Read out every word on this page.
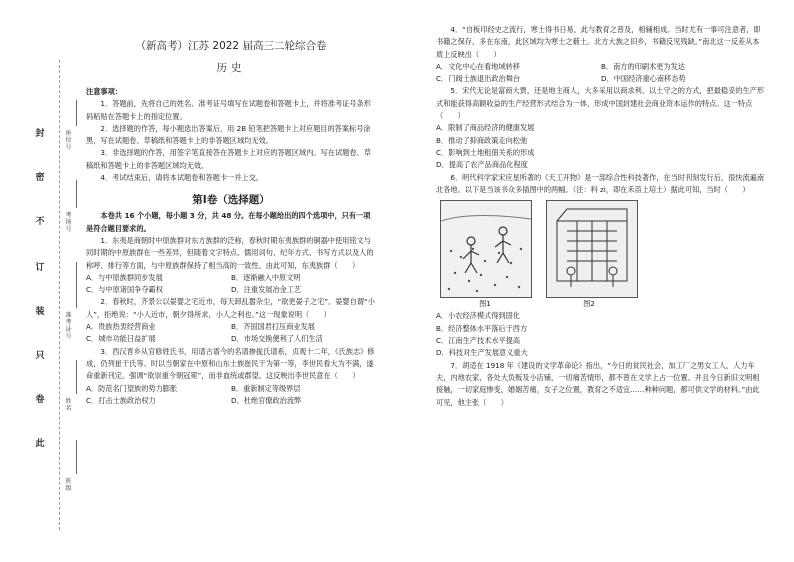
封
密
不
订
装
只
卷
此
座位号
考场号
准考证号
姓名
班级
（新高考）江苏 2022 届高三二轮综合卷
历史

注意事项：

1．答题前，先将自己的姓名、准考证号填写在试题卷和答题卡上，并将准考证号条形码粘贴在答题卡上的指定位置。

2．选择题的作答，每小题选出答案后，用 2B 铅笔把答题卡上对应题目的答案标号涂黑，写在试题卷、草稿纸和答题卡上的非答题区域均无效。

3．非选择题的作答，用签字笔直接答在答题卡上对应的答题区域内。写在试题卷、草稿纸和答题卡上的非答题区域均无效。

4．考试结束后，请将本试题卷和答题卡一并上交。

第Ⅰ卷（选择题）

本卷共 16 个小题，每小题 3 分，共 48 分。在每小题给出的四个选项中，只有一项是符合题目要求的。

1．东夷是商朝时中原族群对东方族群的泛称，春秋时期东夷族群的铜器中使用铭文与同时期的中原族群在一些差异，但随着文字特点、儒用词句、纪年方式、书写方式以及人的称呼、排行等方面，与中原族群保持了相当高的一致性。由此可知，东夷族群（　　）

A．与中原族群同步发展	B．逐渐融入中原文明
C．与中原诸国争夺霸权	D．注重发展冶金工艺

2．春秋时，齐景公以晏婴之宅近市，每天卸乱嚣杂尘，“欲更晏子之宅”。晏婴自谓“小人”，拒绝说：“小人近市，朝夕得所求，小人之利也。”这一现象说明（　　）

A．贵族热衷经营商业	B．齐国国君打压商业发展
C．城市功能日益扩展	D．市场交换便利了人们生活

3．西汉晋乡从官修姓氏书，用谱古谱今的名谱掺拢氏谱系，贞观十二年，《氏族志》修成，仍列崔干氏等。时以当朝家在中原和山东士族崔民干为第一等，李世民看大为不满，遂命重新刊定。强调“欲崇重今朝冠冕”，而非血统或郡望。这反映出李世民意在（　　）

A．防范名门望族的势力膨胀	B．重新制定等级界层
C．打击士族政治权力	D．杜绝官僚政治流弊

4．“自板印经史之流行，寒士得书日易，此与教育之普及，相辅相成。当时尤有一事可注意者，即书籍之保存，多在东南，此区域均为寒士之薮土。北方大族之旧乡，书籍反见残缺。”南北这一反差从本质上反映出（　　）

A．文化中心在看地域转移	B．南方的印刷术更为发达
C．门阀士族退出政治舞台	D．中国经济重心南移态势

5．宋代无论是富商大贾，还是地主商人，大多采用以商求利、以土守之的方式，把最稳妥的生产形式和能获得高额收益的生产经营形式结合为一体，形成中国封建社会商业资本运作的特点。这一特点（　　）

A．限制了商品经济的健康发展

B．推动了抑商政策走向松弛

C．影响到土地租佃关系的形成

D．提高了农产品商品化程度

6．明代科学家宋应星所著的《天工开物》是一部综合性科技著作，在当时刊刻发行后，很快流遍南北各地。以下是当该书众多插图中的两幅。（注：料 zi，即在禾苗上培土）据此可知，当时（　　）

图1	图2

A．小农经济模式得到固化

B．经济整体水平落后于西方

C．江南生产技术水平提高

D．科技对生产发展意义重大

7．胡适在 1918 年《建设的文学革命论》指出，“今日的贫民社会，加工厂之男女工人，人力车夫，内地农家，各处大负贩及小店铺，一切痛苦情形，都不曾在文学上占一位置。并且今日新旧文明相接触，一切家庭惨变，婚姻苦痛，女子之位置，教育之不适宜……种种问题，都可供文学的材料。”由此可见，他主张（　　）
